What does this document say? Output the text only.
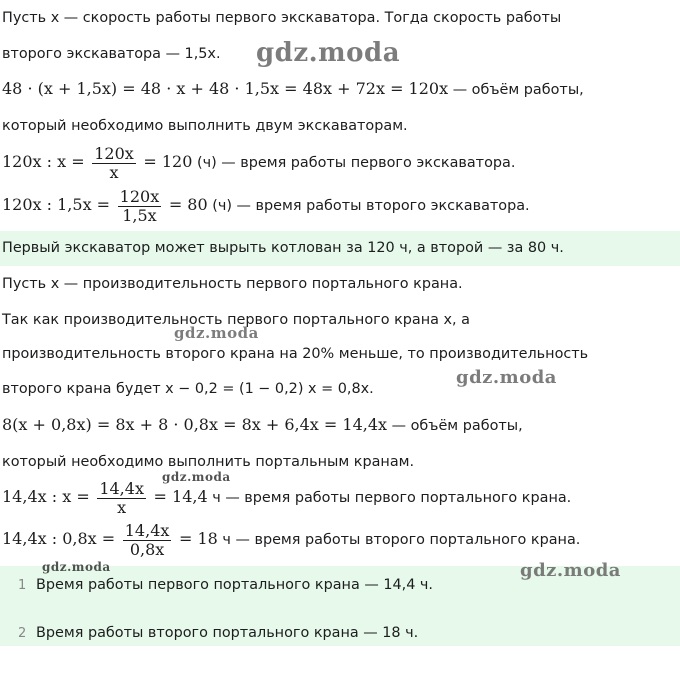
Пусть x — скорость работы первого экскаватора. Тогда скорость работы
второго экскаватора — 1,5x.
48 · (x + 1,5x) = 48 · x + 48 · 1,5x = 48x + 72x = 120x — объём работы,
который необходимо выполнить двум экскаваторам.
120x : $x = \frac{120x}{x} = 120$ (ч) — время работы первого экскаватора.
120x : $1,5x = \frac{120x}{1,5x} = 80$ (ч) — время работы второго экскаватора.
Первый экскаватор может вырыть котлован за 120 ч, а второй — за 80 ч.
Пусть x — производительность первого портального крана.
Так как производительность первого портального крана x, а
производительность второго крана на 20% меньше, то производительность
второго крана будет x − 0,2 = (1 − 0,2) x = 0,8x.
8(x + 0,8x) = 8x + 8 · 0,8x = 8x + 6,4x = 14,4x — объём работы,
который необходимо выполнить портальным кранам.
14,4x : $x = \frac{14,4x}{x} = 14,4$ ч — время работы первого портального крана.
14,4x : $0,8x = \frac{14,4x}{0,8x} = 18$ ч — время работы второго портального крана.
1 Время работы первого портального крана — 14,4 ч.
2 Время работы второго портального крана — 18 ч.
gdz.moda
gdz.moda
gdz.moda
gdz.moda
gdz.moda	gdz.moda
